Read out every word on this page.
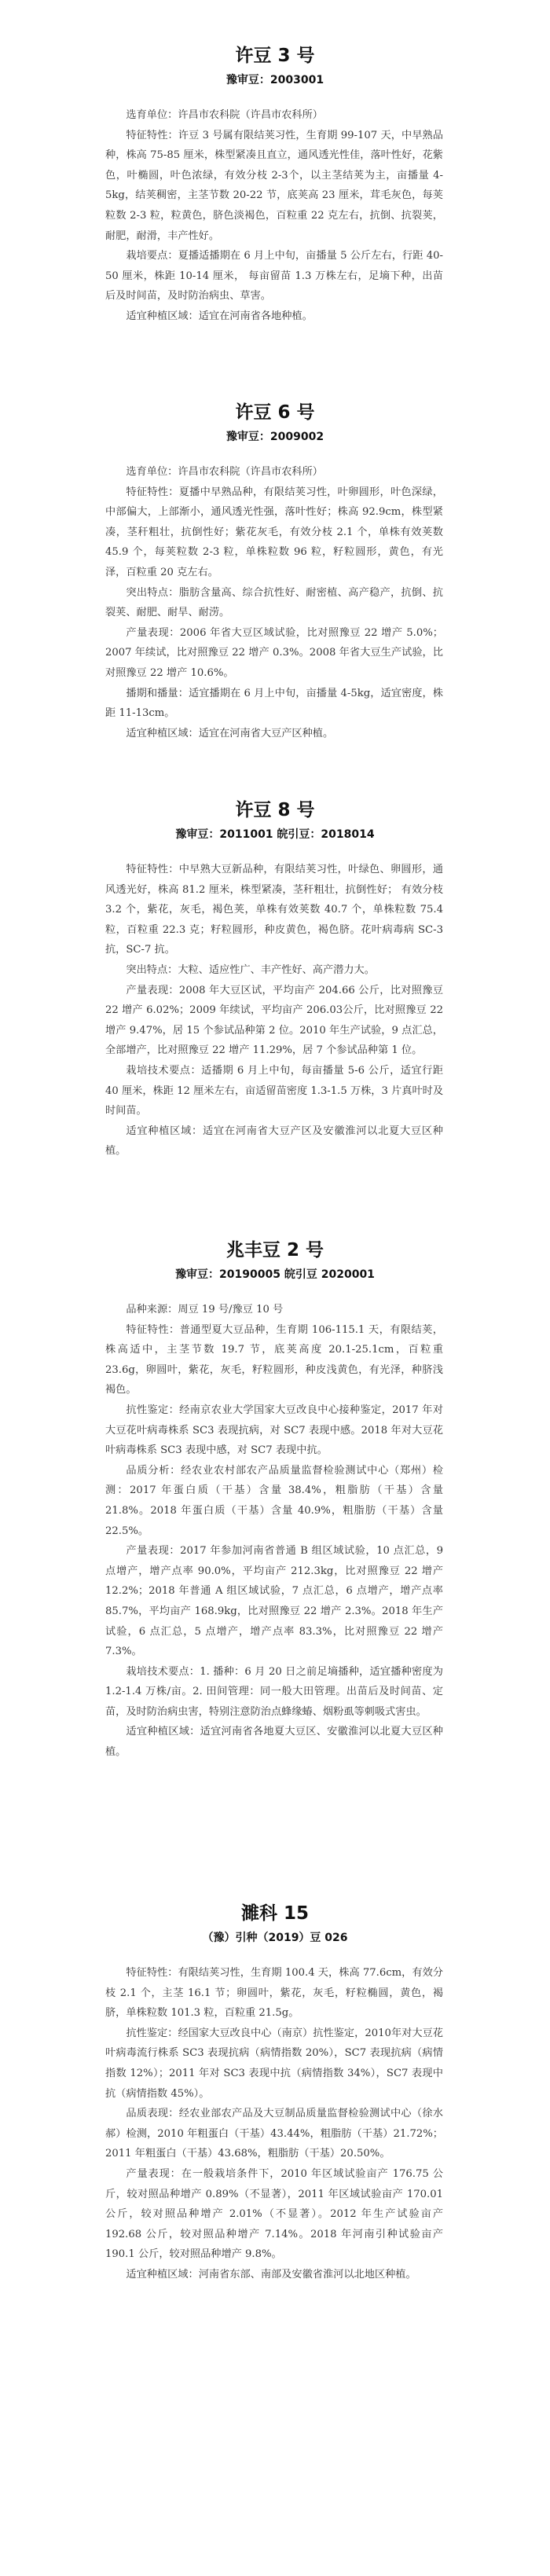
许豆 3 号
豫审豆：2003001

选育单位：许昌市农科院（许昌市农科所）

特征特性：许豆 3 号属有限结荚习性，生育期 99-107 天，中早熟品种，株高 75-85 厘米，株型紧凑且直立，通风透光性佳，落叶性好，花紫色，叶椭圆，叶色浓绿，有效分枝 2-3个，以主茎结荚为主，亩播量 4-5kg，结荚稠密，主茎节数 20-22 节，底荚高 23 厘米，茸毛灰色，每荚粒数 2-3 粒，粒黄色，脐色淡褐色，百粒重 22 克左右，抗倒、抗裂荚，耐肥，耐滑，丰产性好。

栽培要点：夏播适播期在 6 月上中旬，亩播量 5 公斤左右，行距 40- 50 厘米，株距 10-14 厘米， 每亩留苗 1.3 万株左右，足墒下种，出苗后及时间苗，及时防治病虫、草害。

适宜种植区域：适宜在河南省各地种植。

许豆 6 号
豫审豆：2009002

选育单位：许昌市农科院（许昌市农科所）

特征特性：夏播中早熟品种，有限结荚习性，叶卵圆形，叶色深绿，中部偏大，上部渐小，通风透光性强，落叶性好；株高 92.9cm，株型紧凑，茎秆粗壮，抗倒性好；紫花灰毛，有效分枝 2.1 个，单株有效荚数 45.9 个，每荚粒数 2-3 粒，单株粒数 96 粒，籽粒圆形，黄色，有光泽，百粒重 20 克左右。

突出特点：脂肪含量高、综合抗性好、耐密植、高产稳产，抗倒、抗裂荚、耐肥、耐旱、耐涝。

产量表现：2006 年省大豆区域试验，比对照豫豆 22 增产 5.0%；2007 年续试，比对照豫豆 22 增产 0.3%。2008 年省大豆生产试验，比对照豫豆 22 增产 10.6%。

播期和播量：适宜播期在 6 月上中旬，亩播量 4-5kg，适宜密度，株距 11-13cm。

适宜种植区域：适宜在河南省大豆产区种植。

许豆 8 号
豫审豆：2011001 皖引豆：2018014

特征特性：中早熟大豆新品种，有限结荚习性，叶绿色、卵圆形，通风透光好，株高 81.2 厘米，株型紧凑，茎秆粗壮，抗倒性好； 有效分枝 3.2 个，紫花，灰毛，褐色荚，单株有效荚数 40.7 个，单株粒数 75.4 粒，百粒重 22.3 克；籽粒圆形，种皮黄色，褐色脐。花叶病毒病 SC-3 抗，SC-7 抗。

突出特点：大粒、适应性广、丰产性好、高产潜力大。

产量表现：2008 年大豆区试，平均亩产 204.66 公斤，比对照豫豆 22 增产 6.02%；2009 年续试，平均亩产 206.03公斤，比对照豫豆 22 增产 9.47%，居 15 个参试品种第 2 位。2010 年生产试验，9 点汇总，全部增产，比对照豫豆 22 增产 11.29%，居 7 个参试品种第 1 位。

栽培技术要点：适播期 6 月上中旬，每亩播量 5-6 公斤，适宜行距 40 厘米，株距 12 厘米左右，亩适留苗密度 1.3-1.5 万株，3 片真叶时及时间苗。

适宜种植区域：适宜在河南省大豆产区及安徽淮河以北夏大豆区种植。

兆丰豆 2 号
豫审豆：20190005 皖引豆 2020001

品种来源：周豆 19 号/豫豆 10 号

特征特性：普通型夏大豆品种，生育期 106-115.1 天，有限结荚，株高适中，主茎节数 19.7 节，底荚高度 20.1-25.1cm，百粒重 23.6g，卵圆叶，紫花，灰毛，籽粒圆形，种皮浅黄色，有光泽，种脐浅褐色。

抗性鉴定：经南京农业大学国家大豆改良中心接种鉴定，2017 年对大豆花叶病毒株系 SC3 表现抗病，对 SC7 表现中感。2018 年对大豆花叶病毒株系 SC3 表现中感，对 SC7 表现中抗。

品质分析：经农业农村部农产品质量监督检验测试中心（郑州）检测：2017 年蛋白质（干基）含量 38.4%，粗脂肪（干基）含量 21.8%。2018 年蛋白质（干基）含量 40.9%，粗脂肪（干基）含量 22.5%。

产量表现：2017 年参加河南省普通 B 组区域试验，10 点汇总，9 点增产，增产点率 90.0%，平均亩产 212.3kg，比对照豫豆 22 增产 12.2%；2018 年普通 A 组区域试验，7 点汇总，6 点增产，增产点率 85.7%，平均亩产 168.9kg，比对照豫豆 22 增产 2.3%。2018 年生产试验，6 点汇总，5 点增产，增产点率 83.3%，比对照豫豆 22 增产 7.3%。

栽培技术要点：1. 播种：6 月 20 日之前足墒播种，适宜播种密度为 1.2-1.4 万株/亩。2. 田间管理：同一般大田管理。出苗后及时间苗、定苗，及时防治病虫害，特别注意防治点蜂缘蝽、烟粉虱等刺吸式害虫。

适宜种植区域：适宜河南省各地夏大豆区、安徽淮河以北夏大豆区种植。

濉科 15
（豫）引种（2019）豆 026

特征特性：有限结荚习性，生育期 100.4 天，株高 77.6cm，有效分枝 2.1 个，主茎 16.1 节；卵圆叶，紫花，灰毛，籽粒椭圆，黄色，褐脐，单株粒数 101.3 粒，百粒重 21.5g。

抗性鉴定：经国家大豆改良中心（南京）抗性鉴定，2010年对大豆花叶病毒流行株系 SC3 表现抗病（病情指数 20%），SC7 表现抗病（病情指数 12%）；2011 年对 SC3 表现中抗（病情指数 34%），SC7 表现中抗（病情指数 45%）。

品质表现：经农业部农产品及大豆制品质量监督检验测试中心（徐水郝）检测，2010 年粗蛋白（干基）43.44%，粗脂肪（干基）21.72%；2011 年粗蛋白（干基）43.68%，粗脂肪（干基）20.50%。

产量表现：在一般栽培条件下，2010 年区域试验亩产 176.75 公斤，较对照品种增产 0.89%（不显著），2011 年区域试验亩产 170.01 公斤，较对照品种增产 2.01%（不显著）。2012 年生产试验亩产 192.68 公斤，较对照品种增产 7.14%。2018 年河南引种试验亩产 190.1 公斤，较对照品种增产 9.8%。

适宜种植区域：河南省东部、南部及安徽省淮河以北地区种植。
